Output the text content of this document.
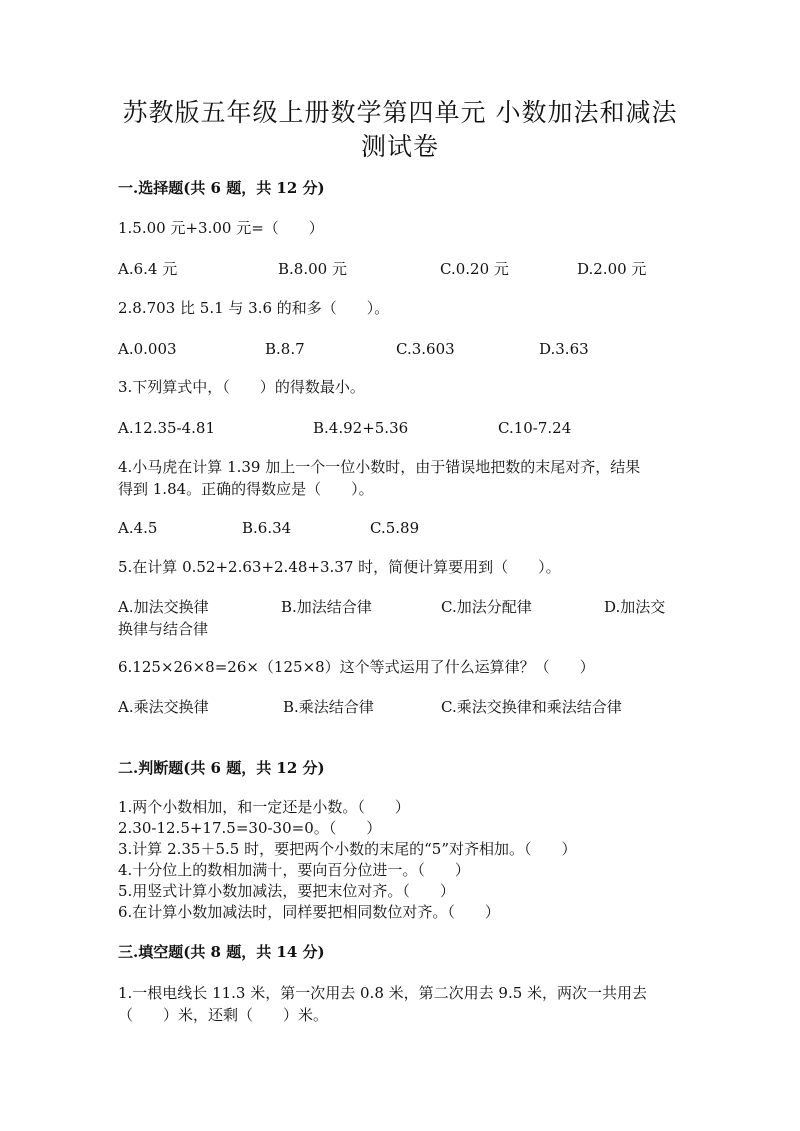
苏教版五年级上册数学第四单元 小数加法和减法
测试卷
一.选择题(共 6 题，共 12 分)
1.5.00 元+3.00 元=（　　）
A.6.4 元	B.8.00 元	C.0.20 元	D.2.00 元
2.8.703 比 5.1 与 3.6 的和多（　　）。
A.0.003	B.8.7	C.3.603	D.3.63
3.下列算式中，（　　）的得数最小。
A.12.35-4.81	B.4.92+5.36	C.10-7.24
4.小马虎在计算 1.39 加上一个一位小数时，由于错误地把数的末尾对齐，结果
得到 1.84。正确的得数应是（　　）。
A.4.5	B.6.34	C.5.89
5.在计算 0.52+2.63+2.48+3.37 时，简便计算要用到（　　）。
A.加法交换律	B.加法结合律	C.加法分配律	D.加法交
换律与结合律
6.125×26×8=26×（125×8）这个等式运用了什么运算律？（　　）
A.乘法交换律	B.乘法结合律	C.乘法交换律和乘法结合律
二.判断题(共 6 题，共 12 分)
1.两个小数相加，和一定还是小数。（　　）
2.30-12.5+17.5=30-30=0。（　　）
3.计算 2.35＋5.5 时，要把两个小数的末尾的“5”对齐相加。（　　）
4.十分位上的数相加满十，要向百分位进一。（　　）
5.用竖式计算小数加减法，要把末位对齐。（　　）
6.在计算小数加减法时，同样要把相同数位对齐。（　　）
三.填空题(共 8 题，共 14 分)
1.一根电线长 11.3 米，第一次用去 0.8 米，第二次用去 9.5 米，两次一共用去
（　　）米，还剩（　　）米。
